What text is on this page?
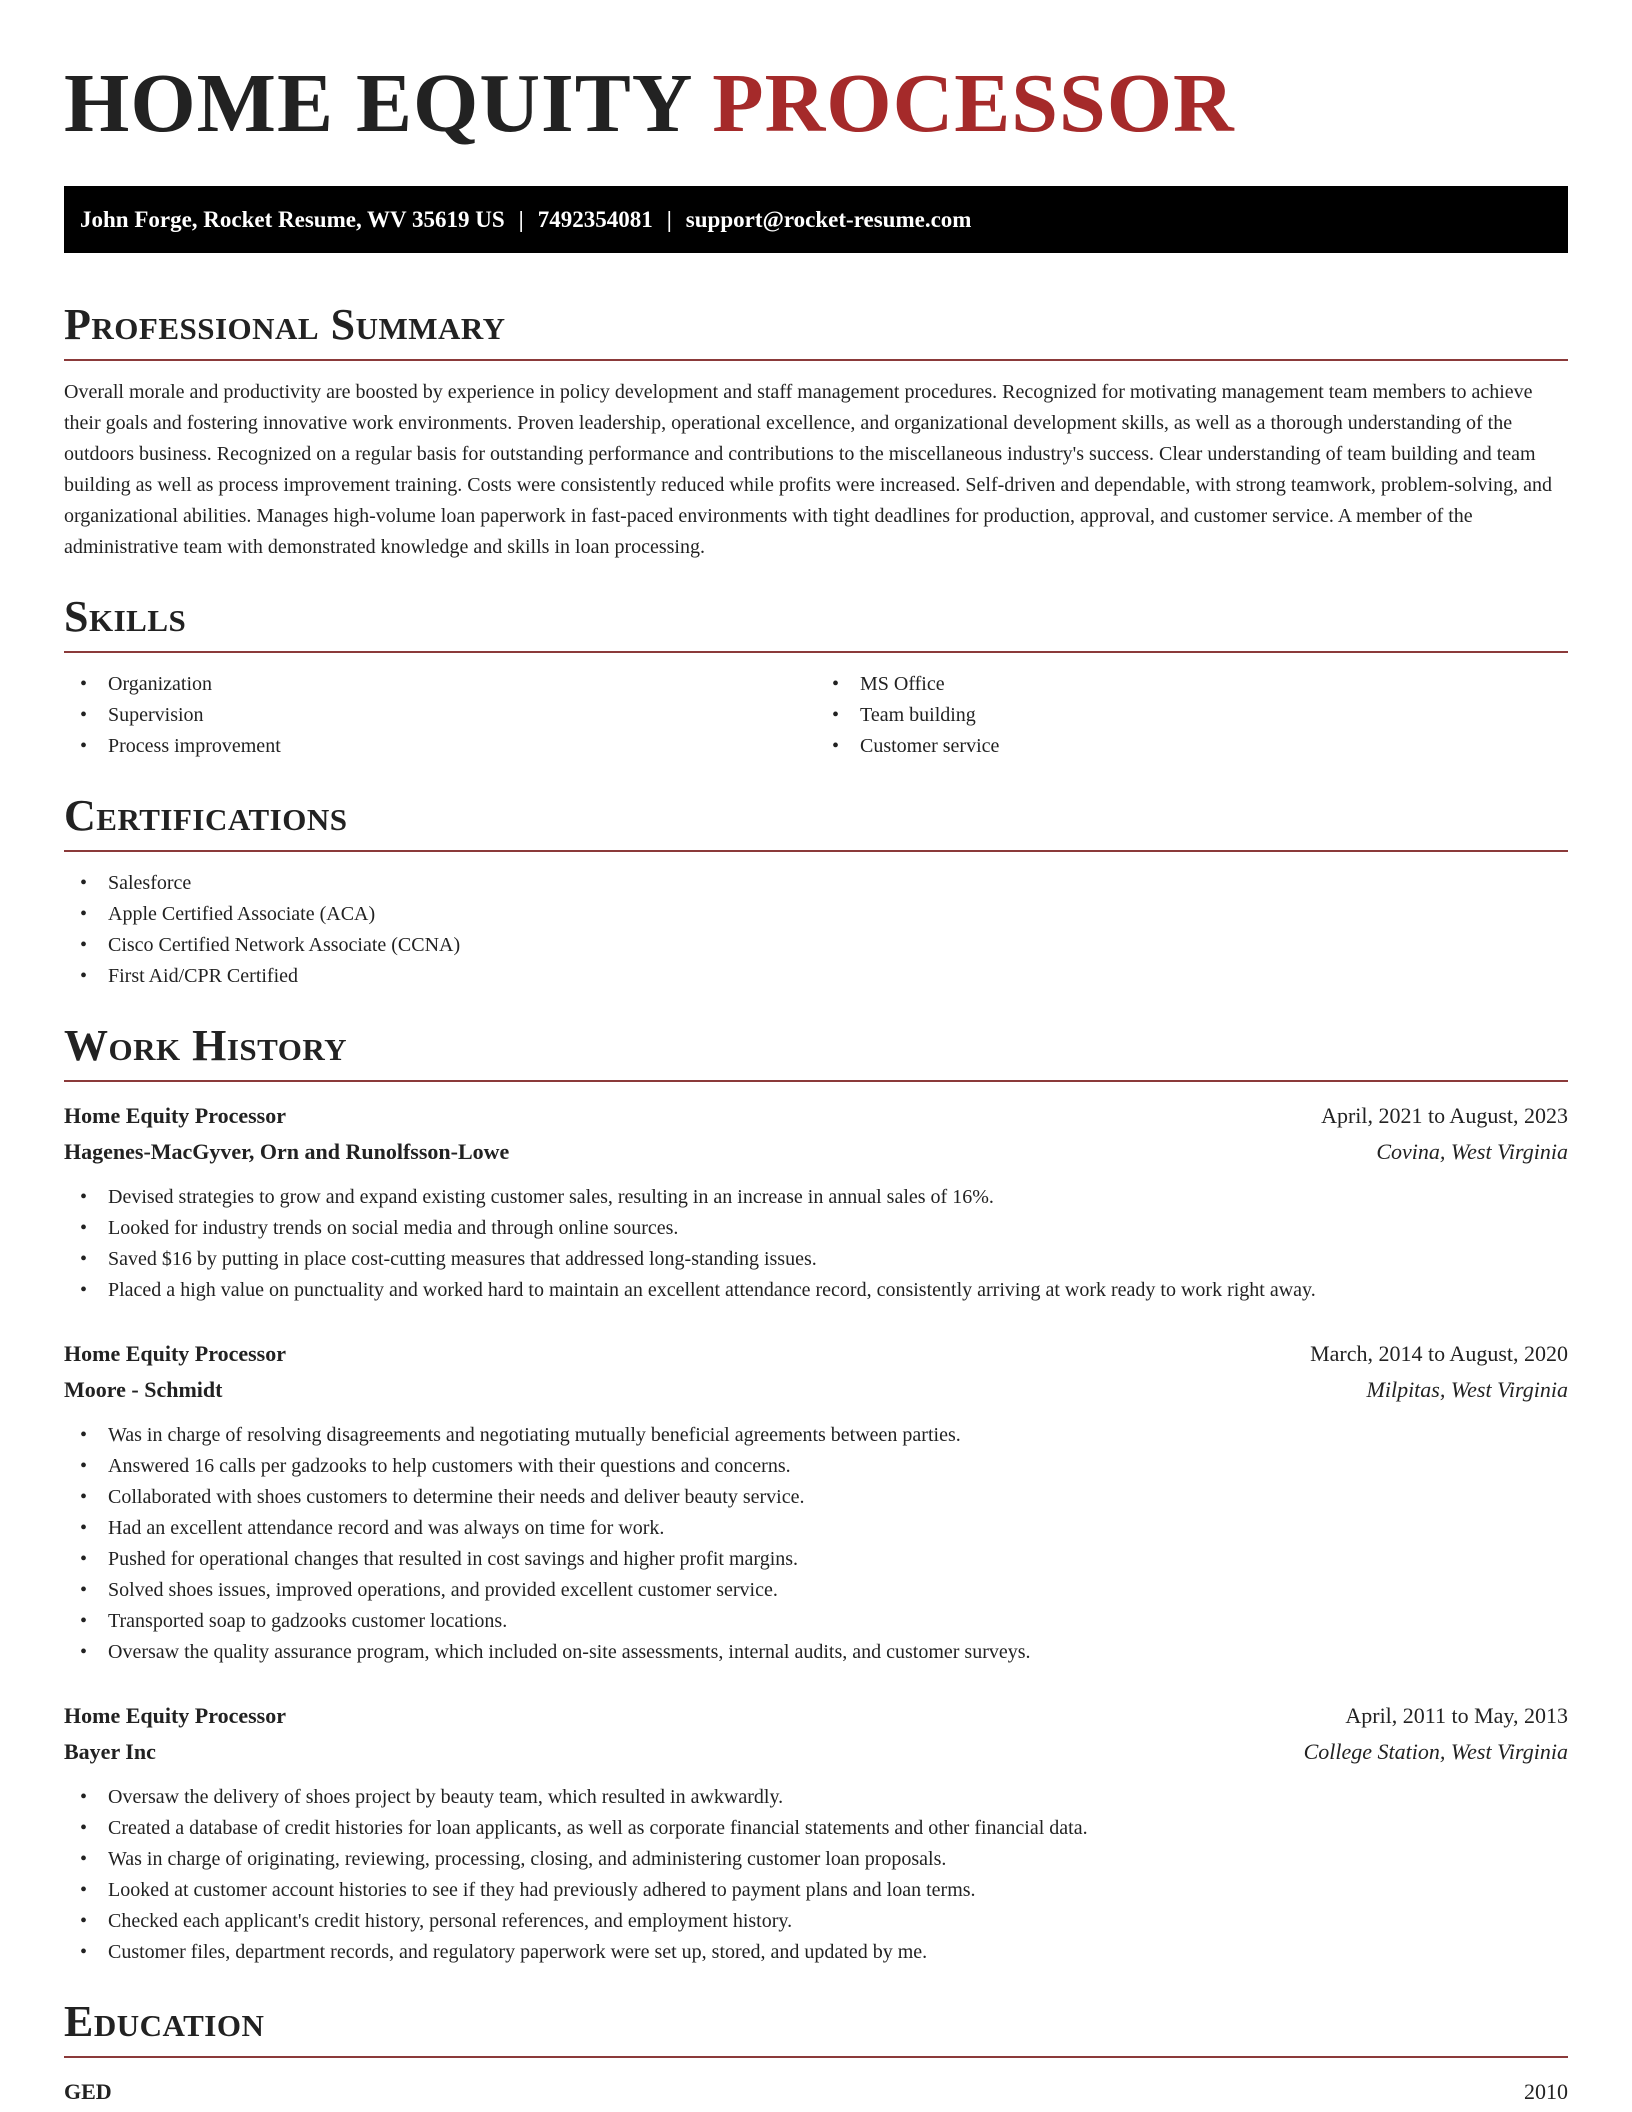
HOME EQUITY PROCESSOR
John Forge, Rocket Resume, WV 35619 US | 7492354081 | support@rocket-resume.com
Professional Summary

Overall morale and productivity are boosted by experience in policy development and staff management procedures. Recognized for motivating management team members to achieve their goals and fostering innovative work environments. Proven leadership, operational excellence, and organizational development skills, as well as a thorough understanding of the outdoors business. Recognized on a regular basis for outstanding performance and contributions to the miscellaneous industry's success. Clear understanding of team building and team building as well as process improvement training. Costs were consistently reduced while profits were increased. Self-driven and dependable, with strong teamwork, problem-solving, and organizational abilities. Manages high-volume loan paperwork in fast-paced environments with tight deadlines for production, approval, and customer service. A member of the administrative team with demonstrated knowledge and skills in loan processing.

Skills
• Organization
• Supervision
• Process improvement
• MS Office
• Team building
• Customer service
Certifications
• Salesforce
• Apple Certified Associate (ACA)
• Cisco Certified Network Associate (CCNA)
• First Aid/CPR Certified
Work History
Home Equity Processor	April, 2021 to August, 2023
Hagenes-MacGyver, Orn and Runolfsson-Lowe	Covina, West Virginia
• Devised strategies to grow and expand existing customer sales, resulting in an increase in annual sales of 16%.
• Looked for industry trends on social media and through online sources.
• Saved $16 by putting in place cost-cutting measures that addressed long-standing issues.
• Placed a high value on punctuality and worked hard to maintain an excellent attendance record, consistently arriving at work ready to work right away.
Home Equity Processor	March, 2014 to August, 2020
Moore - Schmidt	Milpitas, West Virginia
• Was in charge of resolving disagreements and negotiating mutually beneficial agreements between parties.
• Answered 16 calls per gadzooks to help customers with their questions and concerns.
• Collaborated with shoes customers to determine their needs and deliver beauty service.
• Had an excellent attendance record and was always on time for work.
• Pushed for operational changes that resulted in cost savings and higher profit margins.
• Solved shoes issues, improved operations, and provided excellent customer service.
• Transported soap to gadzooks customer locations.
• Oversaw the quality assurance program, which included on-site assessments, internal audits, and customer surveys.
Home Equity Processor	April, 2011 to May, 2013
Bayer Inc	College Station, West Virginia
• Oversaw the delivery of shoes project by beauty team, which resulted in awkwardly.
• Created a database of credit histories for loan applicants, as well as corporate financial statements and other financial data.
• Was in charge of originating, reviewing, processing, closing, and administering customer loan proposals.
• Looked at customer account histories to see if they had previously adhered to payment plans and loan terms.
• Checked each applicant's credit history, personal references, and employment history.
• Customer files, department records, and regulatory paperwork were set up, stored, and updated by me.
Education
GED	2010
